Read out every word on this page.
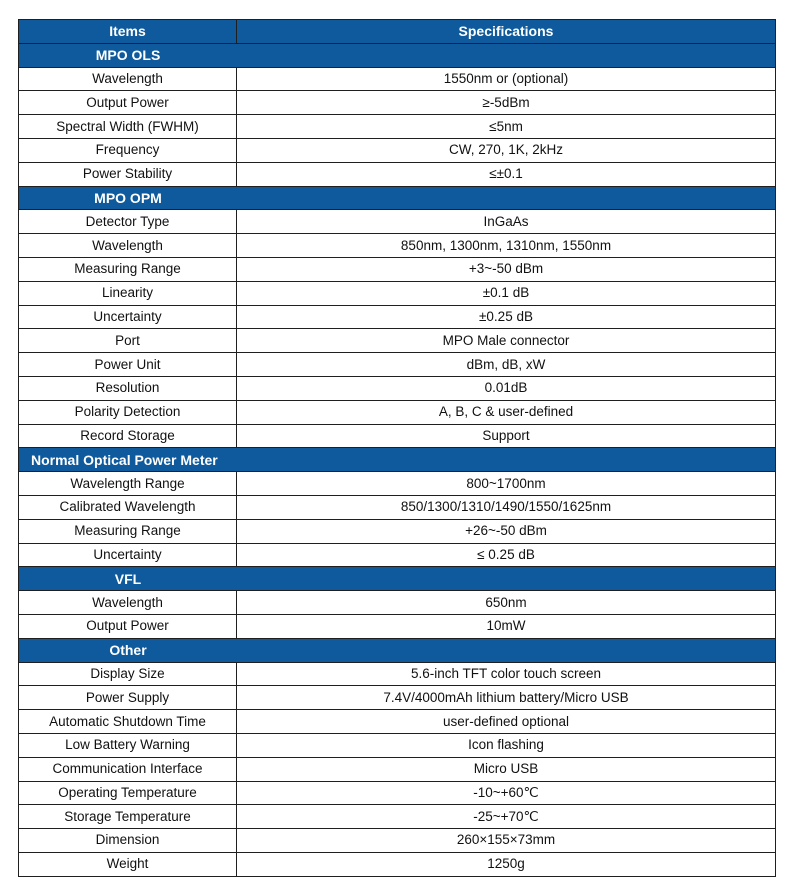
Items	Specifications
MPO OLS	
Wavelength	1550nm or (optional)
Output Power	≥-5dBm
Spectral Width (FWHM)	≤5nm
Frequency	CW, 270, 1K, 2kHz
Power Stability	≤±0.1
MPO OPM	
Detector Type	InGaAs
Wavelength	850nm, 1300nm, 1310nm, 1550nm
Measuring Range	+3~-50 dBm
Linearity	±0.1 dB
Uncertainty	±0.25 dB
Port	MPO Male connector
Power Unit	dBm, dB, xW
Resolution	0.01dB
Polarity Detection	A, B, C & user-defined
Record Storage	Support
Normal Optical Power Meter	
Wavelength Range	800~1700nm
Calibrated Wavelength	850/1300/1310/1490/1550/1625nm
Measuring Range	+26~-50 dBm
Uncertainty	≤ 0.25 dB
VFL	
Wavelength	650nm
Output Power	10mW
Other	
Display Size	5.6-inch TFT color touch screen
Power Supply	7.4V/4000mAh lithium battery/Micro USB
Automatic Shutdown Time	user-defined optional
Low Battery Warning	Icon flashing
Communication Interface	Micro USB
Operating Temperature	-10~+60℃
Storage Temperature	-25~+70℃
Dimension	260×155×73mm
Weight	1250g
